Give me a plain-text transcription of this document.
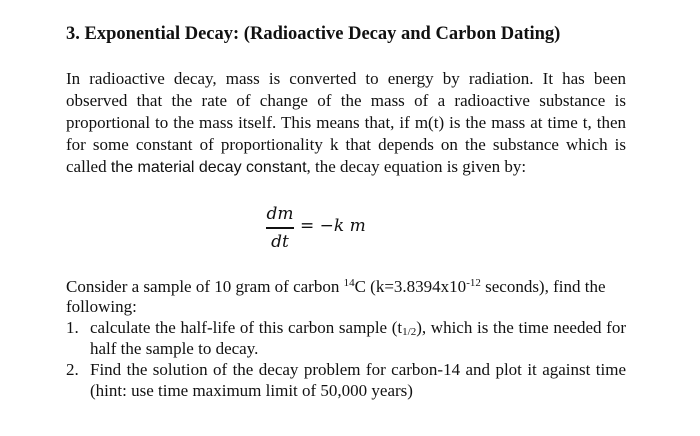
3. Exponential Decay: (Radioactive Decay and Carbon Dating)

In radioactive decay, mass is converted to energy by radiation. It has been observed that the rate of change of the mass of a radioactive substance is proportional to the mass itself. This means that, if m(t) is the mass at time t, then for some constant of proportionality k that depends on the substance which is called the material decay constant, the decay equation is given by:

dm
dt
= −k m

Consider a sample of 10 gram of carbon $^{14}$C ($k=3.8394x10^{-12}$ seconds), find the following:

1. calculate the half-life of this carbon sample $(t_{1/2})$, which is the time needed for half the sample to decay.
2. Find the solution of the decay problem for carbon-14 and plot it against time (hint: use time maximum limit of 50,000 years)
